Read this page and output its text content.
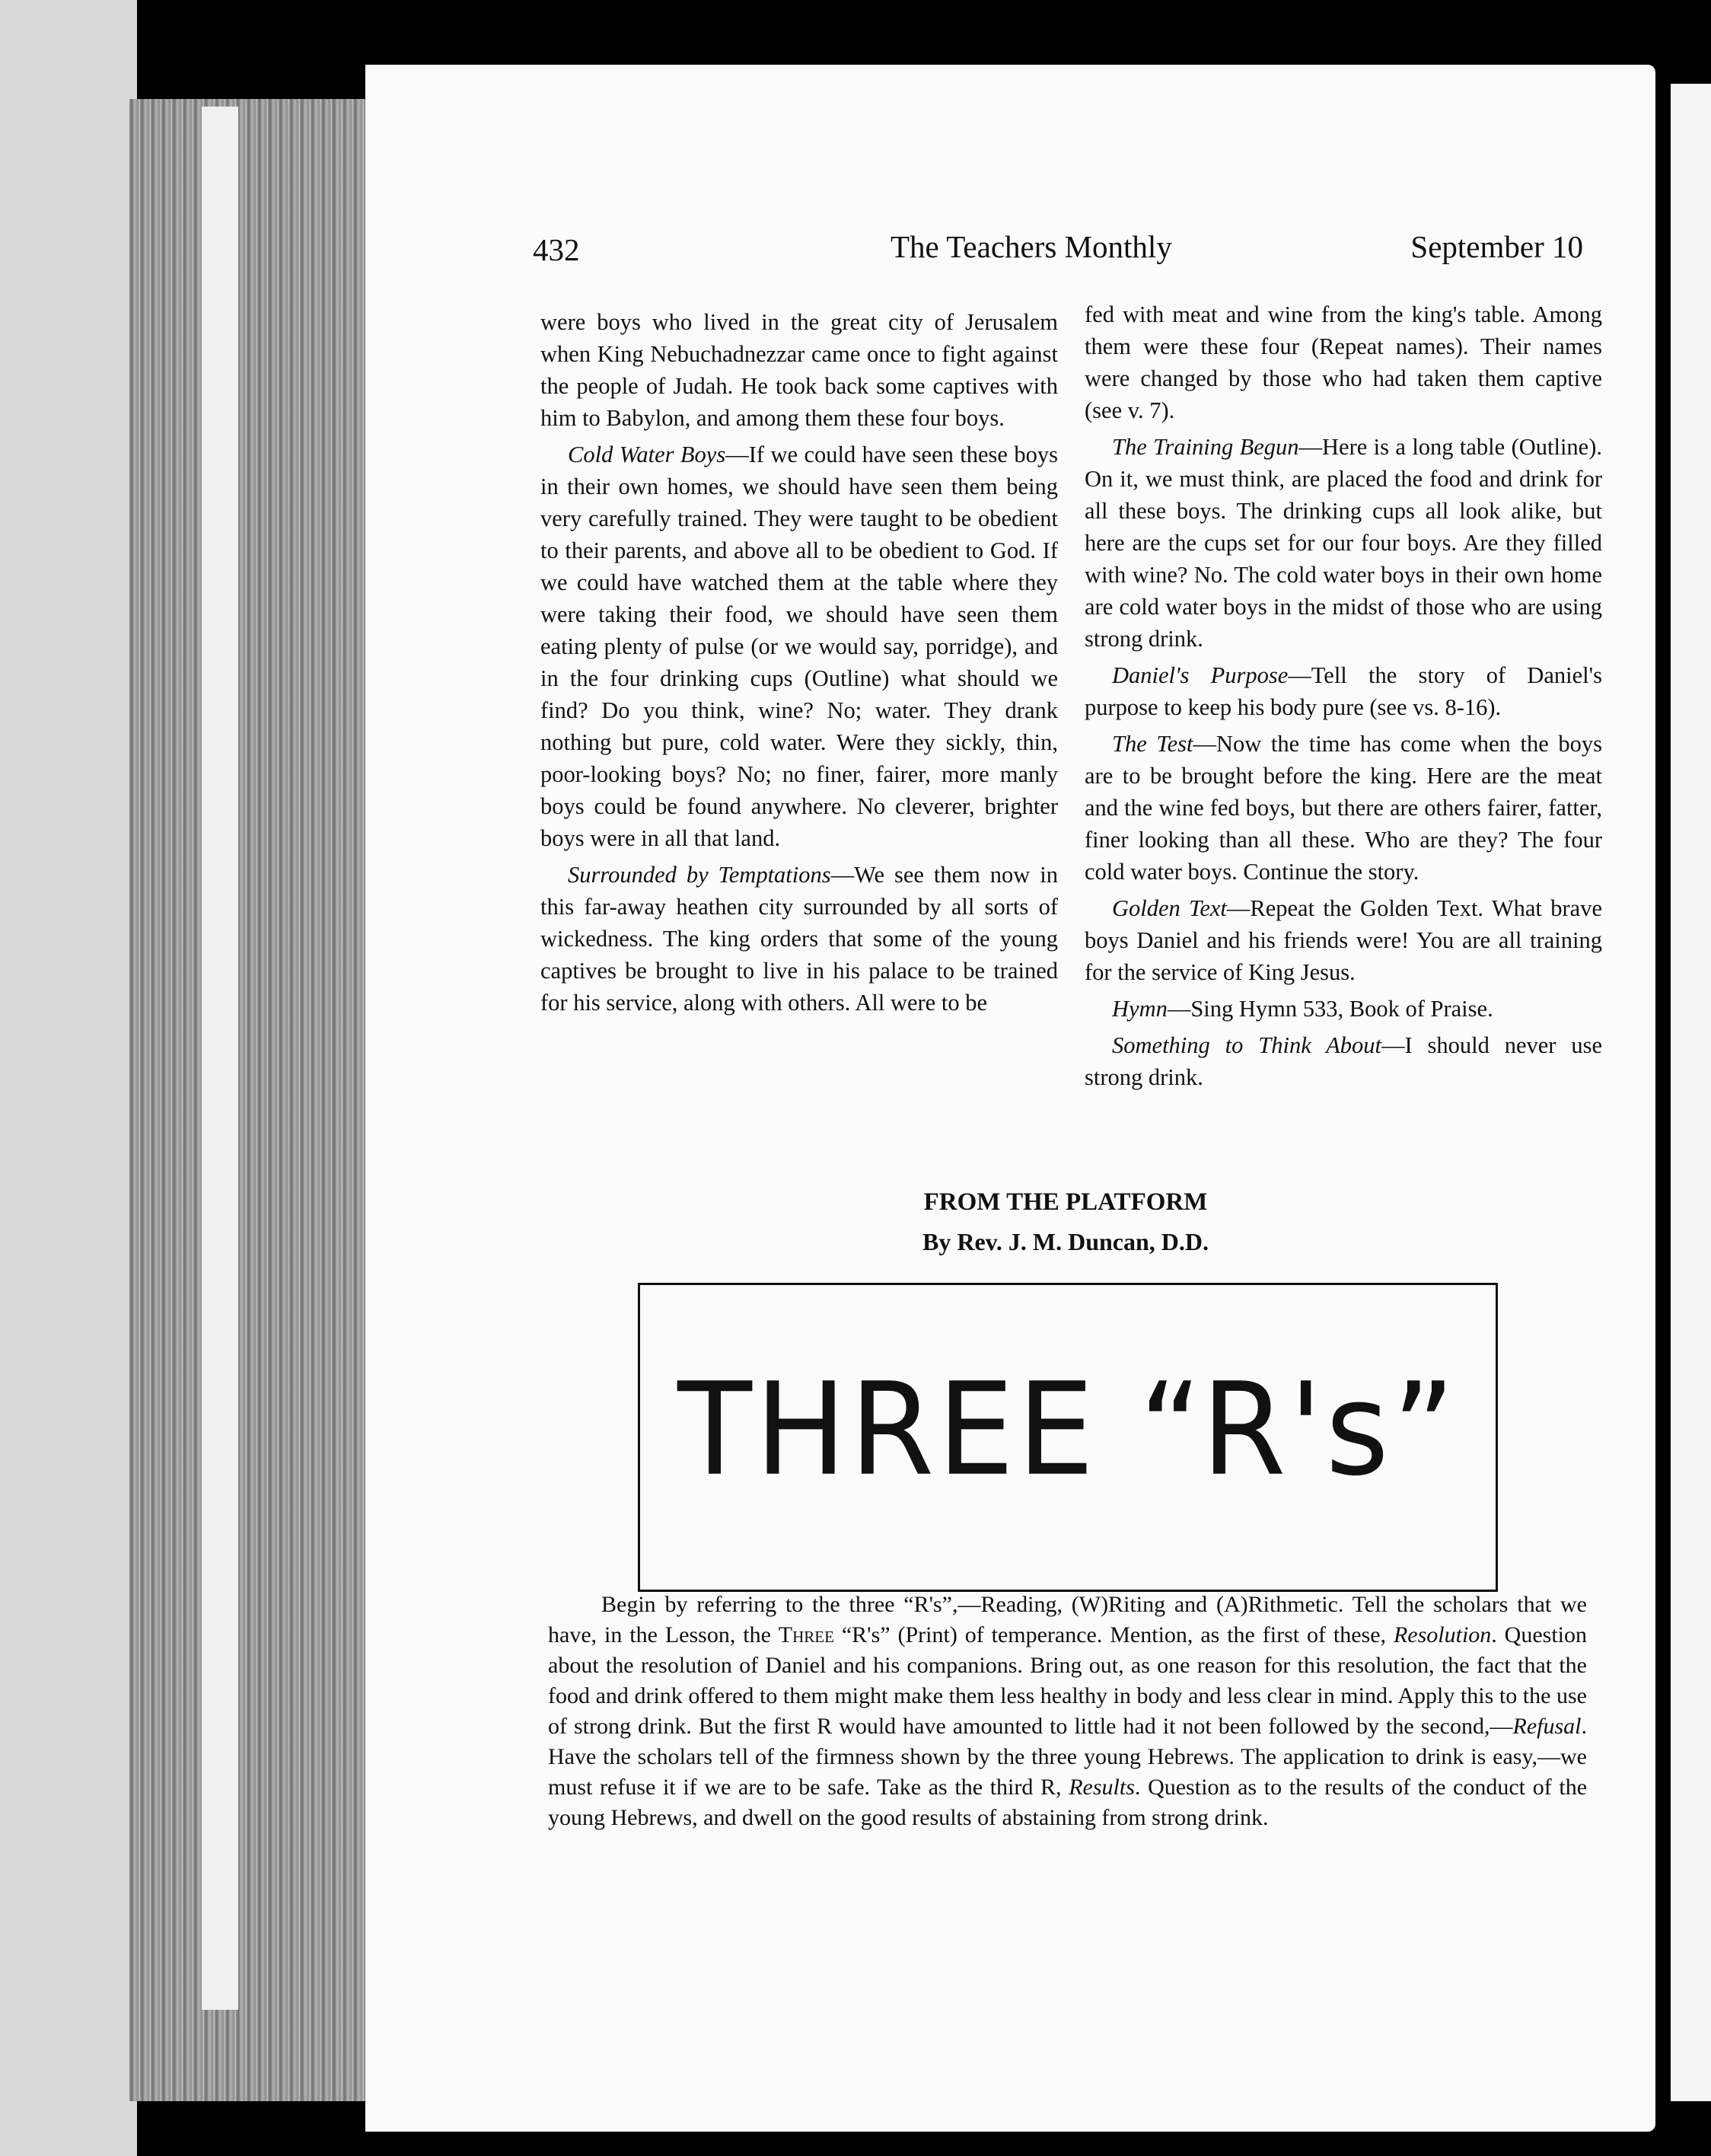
432	The Teachers Monthly	September 10

were boys who lived in the great city of Jerusalem when King Nebuchadnezzar came once to fight against the people of Judah. He took back some captives with him to Babylon, and among them these four boys.

Cold Water Boys—If we could have seen these boys in their own homes, we should have seen them being very carefully trained. They were taught to be obedient to their parents, and above all to be obedient to God. If we could have watched them at the table where they were taking their food, we should have seen them eating plenty of pulse (or we would say, porridge), and in the four drinking cups (Outline) what should we find? Do you think, wine? No; water. They drank nothing but pure, cold water. Were they sickly, thin, poor-looking boys? No; no finer, fairer, more manly boys could be found anywhere. No cleverer, brighter boys were in all that land.

Surrounded by Temptations—We see them now in this far-away heathen city surrounded by all sorts of wickedness. The king orders that some of the young captives be brought to live in his palace to be trained for his service, along with others. All were to be

fed with meat and wine from the king's table. Among them were these four (Repeat names). Their names were changed by those who had taken them captive (see v. 7).

The Training Begun—Here is a long table (Outline). On it, we must think, are placed the food and drink for all these boys. The drinking cups all look alike, but here are the cups set for our four boys. Are they filled with wine? No. The cold water boys in their own home are cold water boys in the midst of those who are using strong drink.

Daniel's Purpose—Tell the story of Daniel's purpose to keep his body pure (see vs. 8-16).

The Test—Now the time has come when the boys are to be brought before the king. Here are the meat and the wine fed boys, but there are others fairer, fatter, finer looking than all these. Who are they? The four cold water boys. Continue the story.

Golden Text—Repeat the Golden Text. What brave boys Daniel and his friends were! You are all training for the service of King Jesus.

Hymn—Sing Hymn 533, Book of Praise.

Something to Think About—I should never use strong drink.

FROM THE PLATFORM
By Rev. J. M. Duncan, D.D.
THREE “R's”

Begin by referring to the three “R's”,—Reading, (W)Riting and (A)Rithmetic. Tell the scholars that we have, in the Lesson, the Three “R's” (Print) of temperance. Mention, as the first of these, Resolution. Question about the resolution of Daniel and his companions. Bring out, as one reason for this resolution, the fact that the food and drink offered to them might make them less healthy in body and less clear in mind. Apply this to the use of strong drink. But the first R would have amounted to little had it not been followed by the second,—Refusal. Have the scholars tell of the firmness shown by the three young Hebrews. The application to drink is easy,—we must refuse it if we are to be safe. Take as the third R, Results. Question as to the results of the conduct of the young Hebrews, and dwell on the good results of abstaining from strong drink.
